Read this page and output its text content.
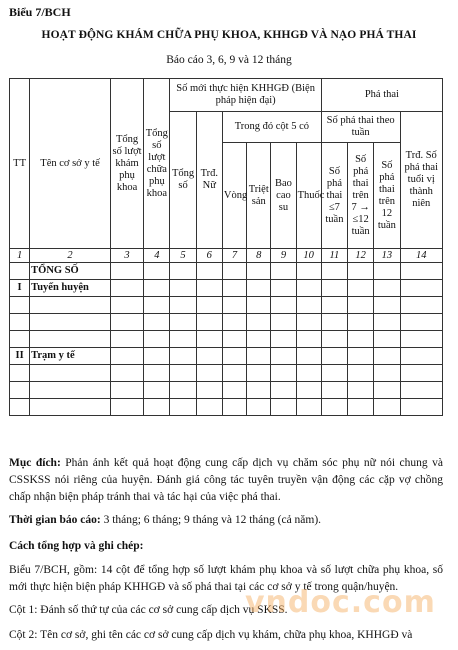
Biểu 7/BCH
HOẠT ĐỘNG KHÁM CHỮA PHỤ KHOA, KHHGĐ VÀ NẠO PHÁ THAI
Báo cáo 3, 6, 9 và 12 tháng
TT	Tên cơ sở y tế	Tổng số lượt khám phụ khoa	Tổng số lượt chữa phụ khoa	Số mới thực hiện KHHGĐ (Biện pháp hiện đại)						Phá thai			
				Tổng số	Trđ. Nữ	Trong đó cột 5 có				Số phá thai theo tuần			Trđ. Số phá thai tuổi vị thành niên
						Vòng	Triệt sản	Bao cao su	Thuốc	Số phá thai ≤7 tuần	Số phá thai trên 7 → ≤12 tuần	Số phá thai trên 12 tuần	

1	2	3	4	5	6	7	8	9	10	11	12	13	14
	TỔNG SỐ												
I	Tuyến huyện												

II	Trạm y tế												

Mục đích: Phản ánh kết quả hoạt động cung cấp dịch vụ chăm sóc phụ nữ nói chung và CSSKSS nói riêng của huyện. Đánh giá công tác tuyên truyền vận động các cặp vợ chồng chấp nhận biện pháp tránh thai và tác hại của việc phá thai.
Thời gian báo cáo: 3 tháng; 6 tháng; 9 tháng và 12 tháng (cả năm).
Cách tổng hợp và ghi chép:
Biểu 7/BCH, gồm: 14 cột để tổng hợp số lượt khám phụ khoa và số lượt chữa phụ khoa, số mới thực hiện biện pháp KHHGĐ và số phá thai tại các cơ sở y tế trong quận/huyện.
Cột 1: Đánh số thứ tự của các cơ sở cung cấp dịch vụ SKSS.
Cột 2: Tên cơ sở, ghi tên các cơ sở cung cấp dịch vụ khám, chữa phụ khoa, KHHGĐ và
vndoc.com
